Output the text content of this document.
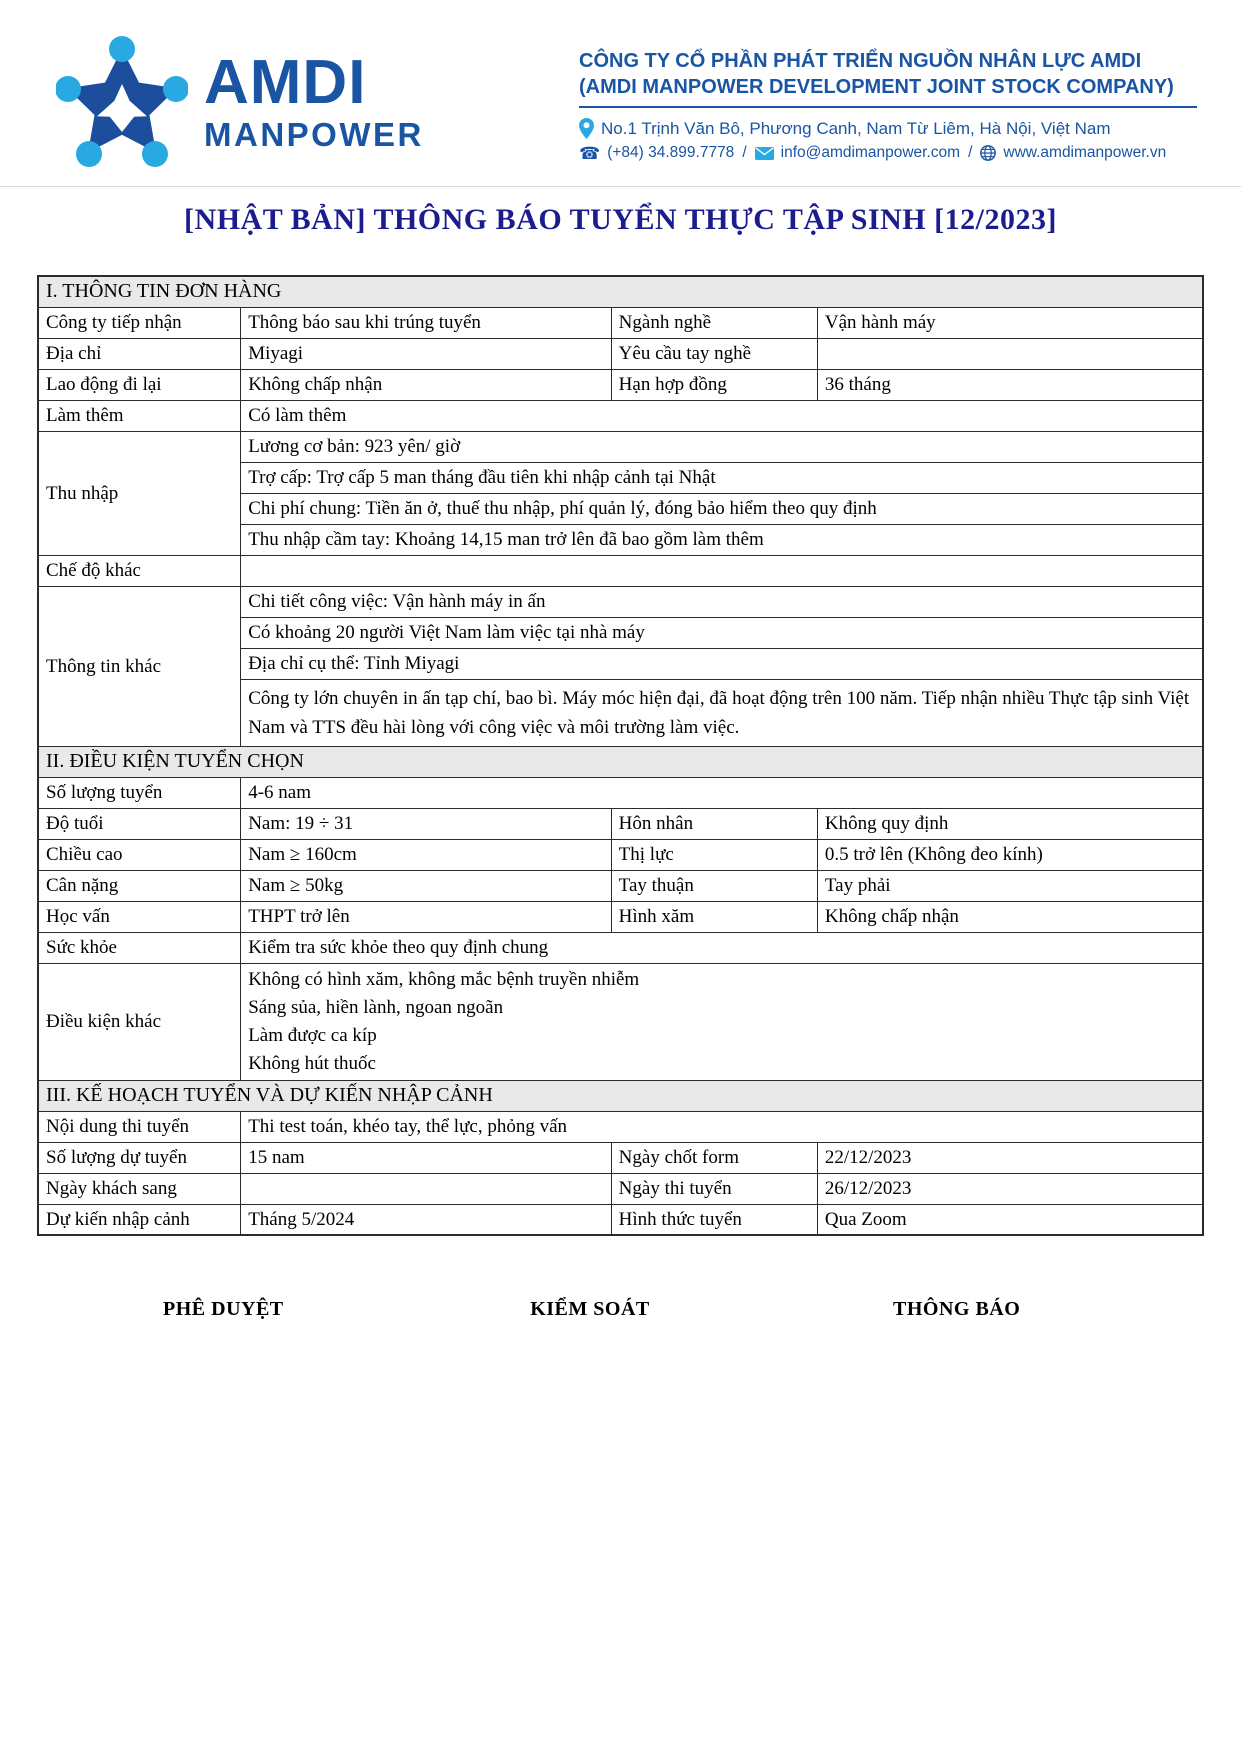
AMDI
MANPOWER
CÔNG TY CỔ PHẦN PHÁT TRIỂN NGUỒN NHÂN LỰC AMDI
(AMDI MANPOWER DEVELOPMENT JOINT STOCK COMPANY)
No.1 Trịnh Văn Bô, Phương Canh, Nam Từ Liêm, Hà Nội, Việt Nam
☎ (+84) 34.899.7778 / info@amdimanpower.com / www.amdimanpower.vn
[NHẬT BẢN] THÔNG BÁO TUYỂN THỰC TẬP SINH [12/2023]
I. THÔNG TIN ĐƠN HÀNG			
Công ty tiếp nhận	Thông báo sau khi trúng tuyển	Ngành nghề	Vận hành máy
Địa chỉ	Miyagi	Yêu cầu tay nghề	
Lao động đi lại	Không chấp nhận	Hạn hợp đồng	36 tháng
Làm thêm	Có làm thêm		
Thu nhập	Lương cơ bản: 923 yên/ giờ		
	Trợ cấp: Trợ cấp 5 man tháng đầu tiên khi nhập cảnh tại Nhật		
	Chi phí chung: Tiền ăn ở, thuế thu nhập, phí quản lý, đóng bảo hiểm theo quy định		
	Thu nhập cầm tay: Khoảng 14,15 man trở lên đã bao gồm làm thêm		
Chế độ khác			
Thông tin khác	Chi tiết công việc: Vận hành máy in ấn		
	Có khoảng 20 người Việt Nam làm việc tại nhà máy		
	Địa chỉ cụ thể: Tỉnh Miyagi		
	Công ty lớn chuyên in ấn tạp chí, bao bì. Máy móc hiện đại, đã hoạt động trên 100 năm. Tiếp nhận nhiều Thực tập sinh Việt Nam và TTS đều hài lòng với công việc và môi trường làm việc.		
II. ĐIỀU KIỆN TUYỂN CHỌN			
Số lượng tuyển	4-6 nam		
Độ tuổi	Nam: 19 ÷ 31	Hôn nhân	Không quy định
Chiều cao	Nam ≥ 160cm	Thị lực	0.5 trở lên (Không đeo kính)
Cân nặng	Nam ≥ 50kg	Tay thuận	Tay phải
Học vấn	THPT trở lên	Hình xăm	Không chấp nhận
Sức khỏe	Kiểm tra sức khỏe theo quy định chung		
Điều kiện khác	Không có hình xăm, không mắc bệnh truyền nhiễm
Sáng sủa, hiền lành, ngoan ngoãn
Làm được ca kíp
Không hút thuốc		

III. KẾ HOẠCH TUYỂN VÀ DỰ KIẾN NHẬP CẢNH			
Nội dung thi tuyển	Thi test toán, khéo tay, thể lực, phỏng vấn		
Số lượng dự tuyển	15 nam	Ngày chốt form	22/12/2023
Ngày khách sang		Ngày thi tuyển	26/12/2023
Dự kiến nhập cảnh	Tháng 5/2024	Hình thức tuyển	Qua Zoom
PHÊ DUYỆT	KIỂM SOÁT	THÔNG BÁO
